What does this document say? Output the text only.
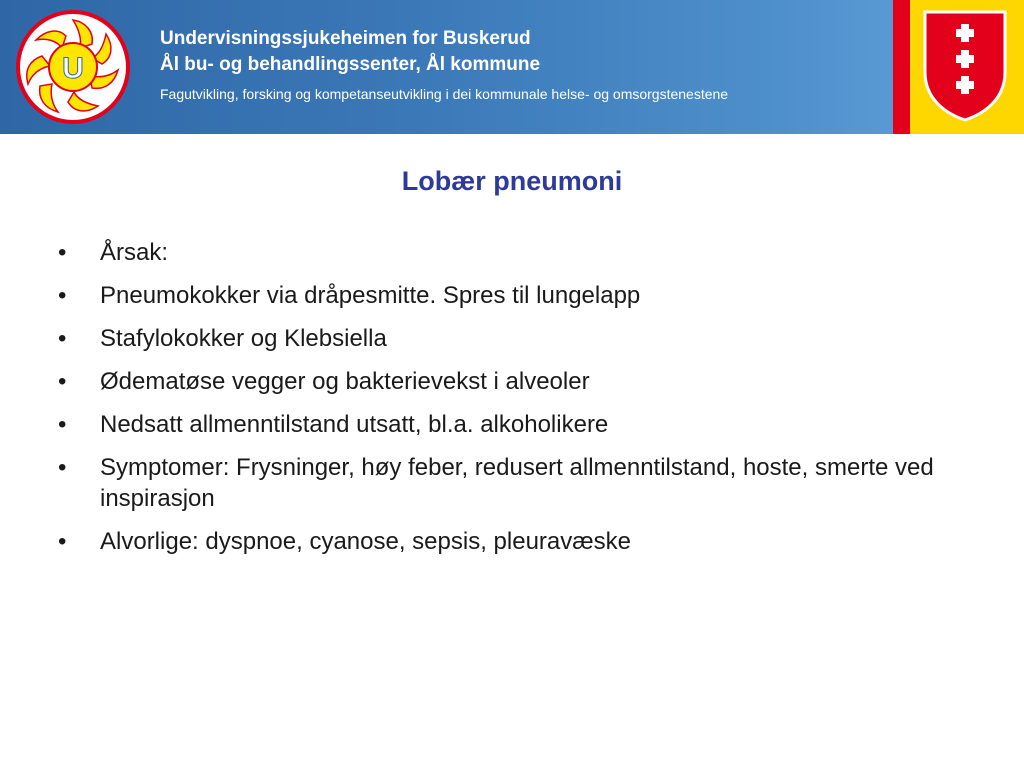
U
Undervisningssjukeheimen for Buskerud
Ål bu- og behandlingssenter, Ål kommune
Fagutvikling, forsking og kompetanseutvikling i dei kommunale helse- og omsorgstenestene
Lobær pneumoni
•	Årsak:
•	Pneumokokker via dråpesmitte. Spres til lungelapp
•	Stafylokokker og Klebsiella
•	Ødematøse vegger og bakterievekst i alveoler
•	Nedsatt allmenntilstand utsatt, bl.a. alkoholikere
•	Symptomer: Frysninger, høy feber, redusert allmenntilstand, hoste, smerte ved inspirasjon
•	Alvorlige: dyspnoe, cyanose, sepsis, pleuravæske
